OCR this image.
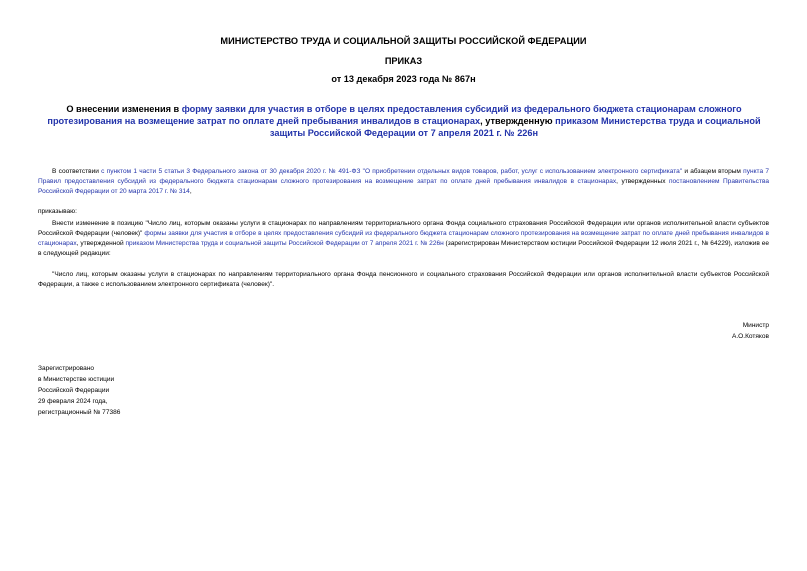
МИНИСТЕРСТВО ТРУДА И СОЦИАЛЬНОЙ ЗАЩИТЫ РОССИЙСКОЙ ФЕДЕРАЦИИ
ПРИКАЗ
от 13 декабря 2023 года № 867н
О внесении изменения в форму заявки для участия в отборе в целях предоставления субсидий из федерального бюджета стационарам сложного протезирования на возмещение затрат по оплате дней пребывания инвалидов в стационарах, утвержденную приказом Министерства труда и социальной защиты Российской Федерации от 7 апреля 2021 г. № 226н
В соответствии с пунктом 1 части 5 статьи 3 Федерального закона от 30 декабря 2020 г. № 491-ФЗ "О приобретении отдельных видов товаров, работ, услуг с использованием электронного сертификата" и абзацем вторым пункта 7 Правил предоставления субсидий из федерального бюджета стационарам сложного протезирования на возмещение затрат по оплате дней пребывания инвалидов в стационарах, утвержденных постановлением Правительства Российской Федерации от 20 марта 2017 г. № 314,
приказываю:
Внести изменение в позицию "Число лиц, которым оказаны услуги в стационарах по направлениям территориального органа Фонда социального страхования Российской Федерации или органов исполнительной власти субъектов Российской Федерации (человек)" формы заявки для участия в отборе в целях предоставления субсидий из федерального бюджета стационарам сложного протезирования на возмещение затрат по оплате дней пребывания инвалидов в стационарах, утвержденной приказом Министерства труда и социальной защиты Российской Федерации от 7 апреля 2021 г. № 226н (зарегистрирован Министерством юстиции Российской Федерации 12 июля 2021 г., № 64229), изложив ее в следующей редакции:
"Число лиц, которым оказаны услуги в стационарах по направлениям территориального органа Фонда пенсионного и социального страхования Российской Федерации или органов исполнительной власти субъектов Российской Федерации, а также с использованием электронного сертификата (человек)".
Министр
А.О.Котяков
Зарегистрировано
в Министерстве юстиции
Российской Федерации
29 февраля 2024 года,
регистрационный № 77386
